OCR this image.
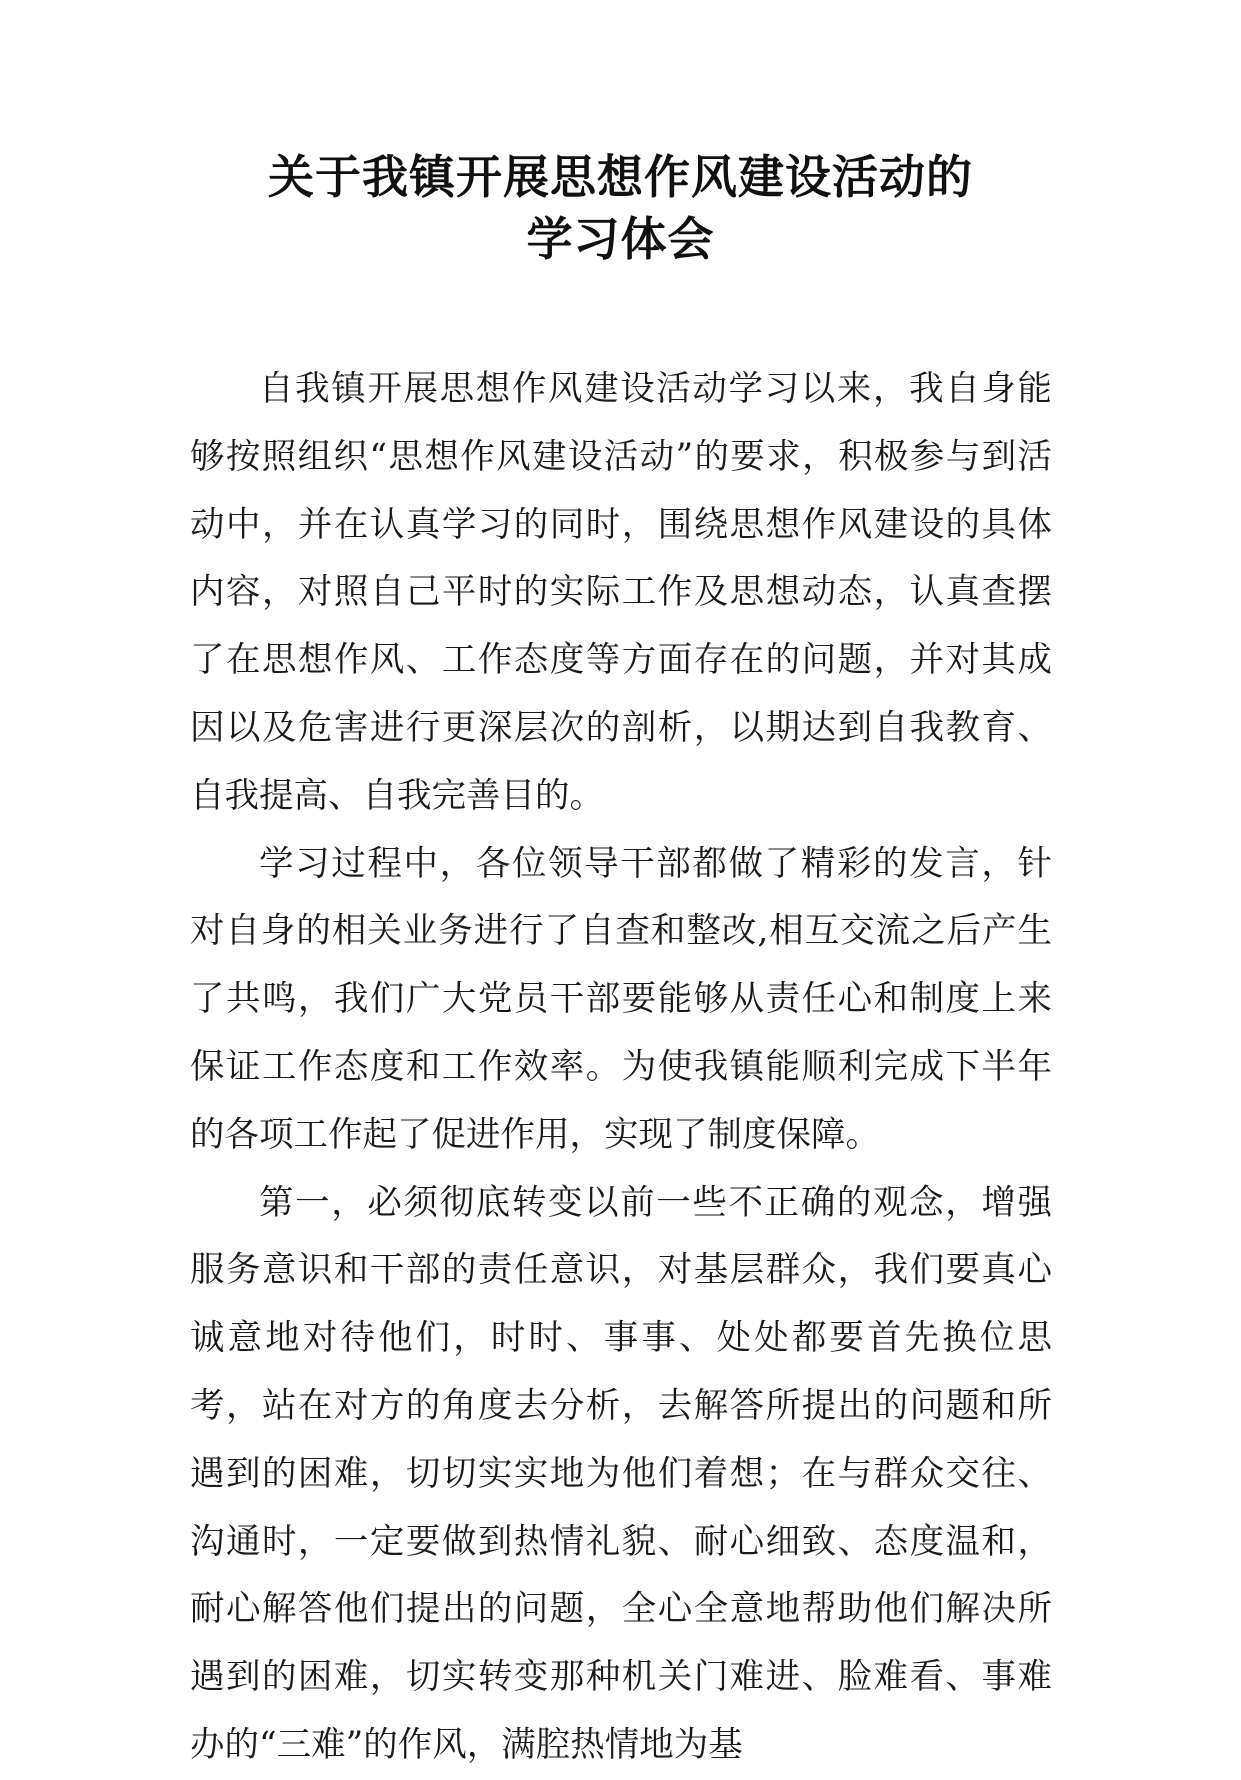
关于我镇开展思想作风建设活动的
学习体会

自我镇开展思想作风建设活动学习以来，我自身能够按照组织“思想作风建设活动”的要求，积极参与到活动中，并在认真学习的同时，围绕思想作风建设的具体内容，对照自己平时的实际工作及思想动态，认真查摆了在思想作风、工作态度等方面存在的问题，并对其成因以及危害进行更深层次的剖析，以期达到自我教育、自我提高、自我完善目的。

学习过程中，各位领导干部都做了精彩的发言，针对自身的相关业务进行了自查和整改,相互交流之后产生了共鸣，我们广大党员干部要能够从责任心和制度上来保证工作态度和工作效率。为使我镇能顺利完成下半年的各项工作起了促进作用，实现了制度保障。

第一，必须彻底转变以前一些不正确的观念，增强服务意识和干部的责任意识，对基层群众，我们要真心诚意地对待他们，时时、事事、处处都要首先换位思考，站在对方的角度去分析，去解答所提出的问题和所遇到的困难，切切实实地为他们着想；在与群众交往、沟通时，一定要做到热情礼貌、耐心细致、态度温和，耐心解答他们提出的问题，全心全意地帮助他们解决所遇到的困难，切实转变那种机关门难进、脸难看、事难办的“三难”的作风，满腔热情地为基
